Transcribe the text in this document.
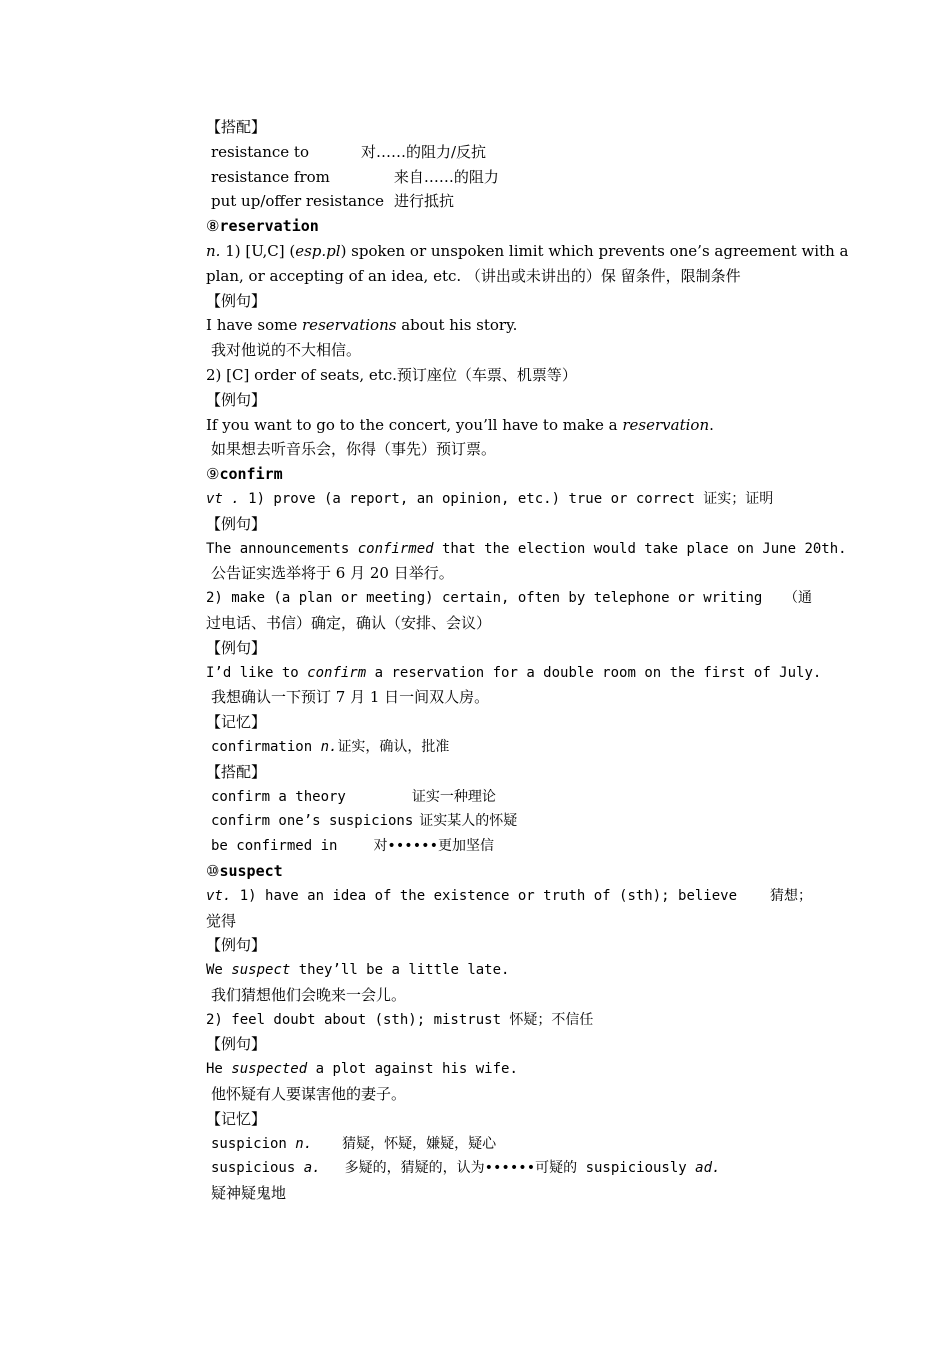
【搭配】
resistance to	对……的阻力/反抗
resistance from	来自……的阻力
put up/offer resistance 进行抵抗
⑧reservation
n. 1) [U,C] (esp.pl) spoken or unspoken limit which prevents one’s agreement with a
plan, or accepting of an idea, etc. （讲出或未讲出的）保 留条件，限制条件
【例句】
I have some reservations about his story.
我对他说的不大相信。
2) [C] order of seats, etc.预订座位（车票、机票等）
【例句】
If you want to go to the concert, you’ll have to make a reservation.
如果想去听音乐会，你得（事先）预订票。
⑨confirm
vt . 1) prove (a report, an opinion, etc.) true or correct 证实；证明
【例句】
The announcements confirmed that the election would take place on June 20th.
公告证实选举将于 6 月 20 日举行。
2) make (a plan or meeting) certain, often by telephone or writing （通
过电话、书信）确定，确认（安排、会议）
【例句】
I’d like to confirm a reservation for a double room on the first of July.
我想确认一下预订 7 月 1 日一间双人房。
【记忆】
confirmation n.证实，确认，批准
【搭配】
confirm a theory	证实一种理论
confirm one’s suspicions 证实某人的怀疑
be confirmed in	对••••••更加坚信
⑩suspect
vt. 1) have an idea of the existence or truth of (sth); believe 猜想；
觉得
【例句】
We suspect they’ll be a little late.
我们猜想他们会晚来一会儿。
2) feel doubt about (sth); mistrust 怀疑；不信任
【例句】
He suspected a plot against his wife.
他怀疑有人要谋害他的妻子。
【记忆】
suspicion n. 猜疑，怀疑，嫌疑，疑心
suspicious a. 多疑的，猜疑的，认为••••••可疑的 suspiciously ad.
疑神疑鬼地
